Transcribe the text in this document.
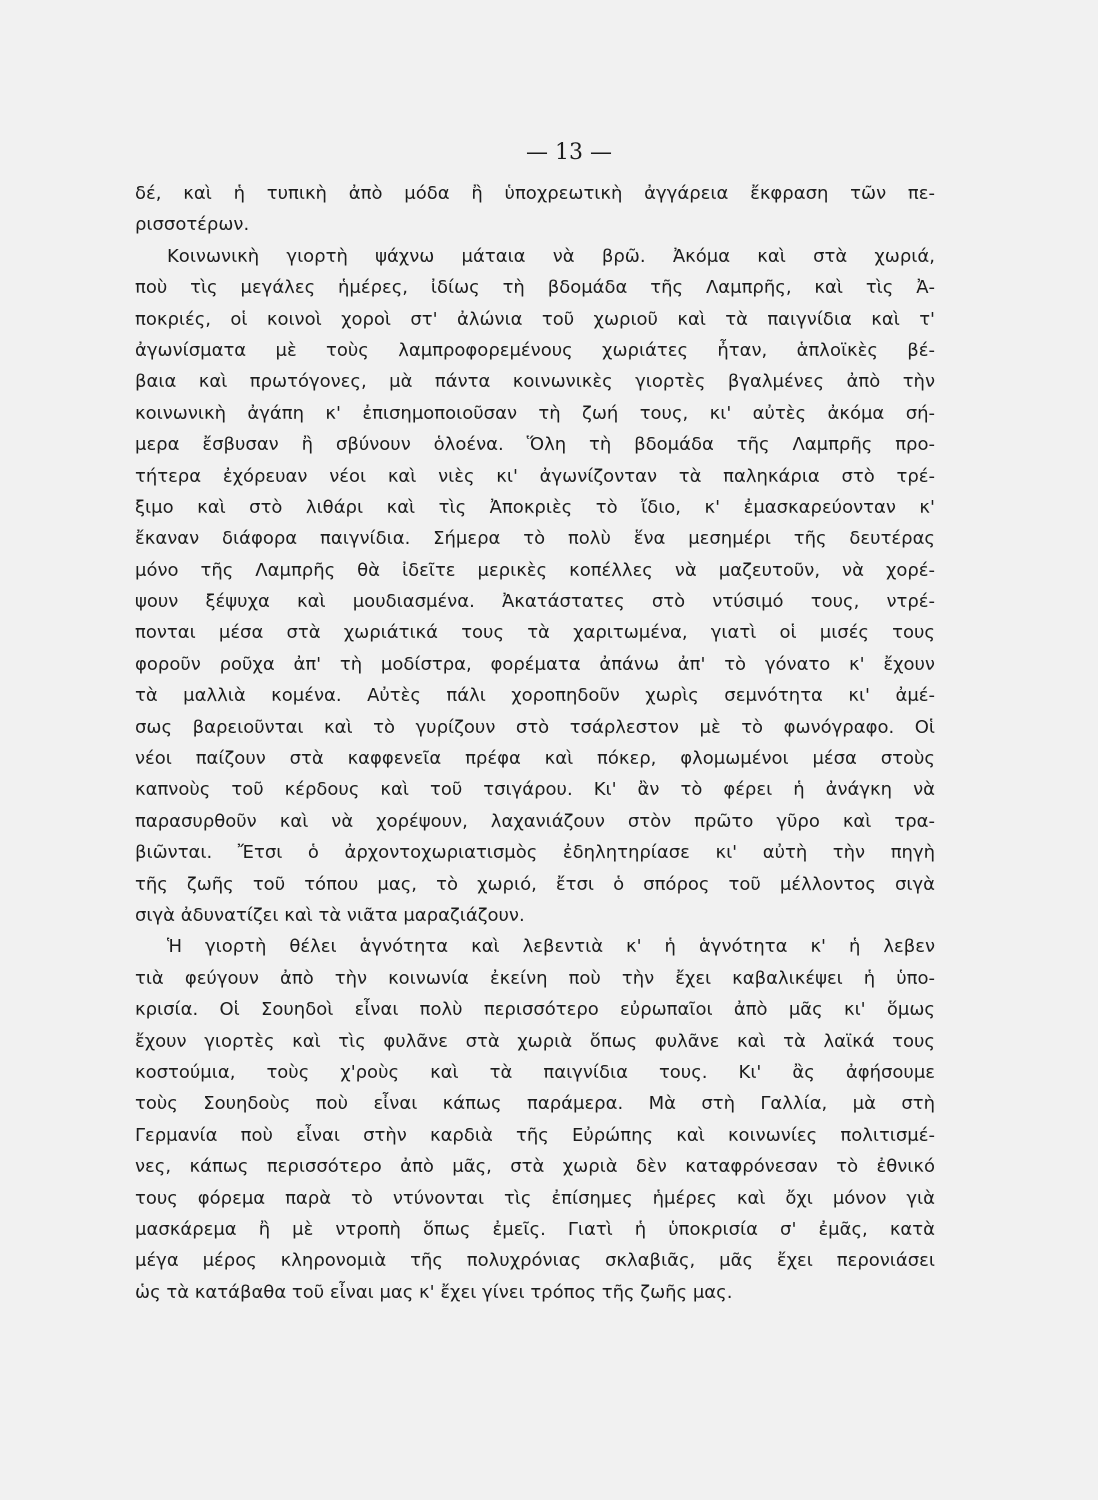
— 13 —
δέ, καὶ ἡ τυπικὴ ἀπὸ μόδα ἢ ὑποχρεωτικὴ ἀγγάρεια ἔκφραση τῶν πε-
ρισσοτέρων.
Κοινωνικὴ γιορτὴ ψάχνω μάταια νὰ βρῶ. Ἀκόμα καὶ στὰ χωριά,
ποὺ τὶς μεγάλες ἡμέρες, ἰδίως τὴ βδομάδα τῆς Λαμπρῆς, καὶ τὶς Ἀ-
ποκριές, οἱ κοινοὶ χοροὶ στ' ἀλώνια τοῦ χωριοῦ καὶ τὰ παιγνίδια καὶ τ'
ἀγωνίσματα μὲ τοὺς λαμπροφορεμένους χωριάτες ἦταν, ἁπλοϊκὲς βέ-
βαια καὶ πρωτόγονες, μὰ πάντα κοινωνικὲς γιορτὲς βγαλμένες ἀπὸ τὴν
κοινωνικὴ ἀγάπη κ' ἐπισημοποιοῦσαν τὴ ζωή τους, κι' αὐτὲς ἀκόμα σή-
μερα ἔσβυσαν ἢ σβύνουν ὁλοένα. Ὅλη τὴ βδομάδα τῆς Λαμπρῆς προ-
τήτερα ἐχόρευαν νέοι καὶ νιὲς κι' ἀγωνίζονταν τὰ παληκάρια στὸ τρέ-
ξιμο καὶ στὸ λιθάρι καὶ τὶς Ἀποκριὲς τὸ ἴδιο, κ' ἐμασκαρεύονταν κ'
ἔκαναν διάφορα παιγνίδια. Σήμερα τὸ πολὺ ἕνα μεσημέρι τῆς δευτέρας
μόνο τῆς Λαμπρῆς θὰ ἰδεῖτε μερικὲς κοπέλλες νὰ μαζευτοῦν, νὰ χορέ-
ψουν ξέψυχα καὶ μουδιασμένα. Ἀκατάστατες στὸ ντύσιμό τους, ντρέ-
πονται μέσα στὰ χωριάτικά τους τὰ χαριτωμένα, γιατὶ οἱ μισές τους
φοροῦν ροῦχα ἀπ' τὴ μοδίστρα, φορέματα ἀπάνω ἀπ' τὸ γόνατο κ' ἔχουν
τὰ μαλλιὰ κομένα. Αὐτὲς πάλι χοροπηδοῦν χωρὶς σεμνότητα κι' ἀμέ-
σως βαρειοῦνται καὶ τὸ γυρίζουν στὸ τσάρλεστον μὲ τὸ φωνόγραφο. Οἱ
νέοι παίζουν στὰ καφφενεῖα πρέφα καὶ πόκερ, φλομωμένοι μέσα στοὺς
καπνοὺς τοῦ κέρδους καὶ τοῦ τσιγάρου. Κι' ἂν τὸ φέρει ἡ ἀνάγκη νὰ
παρασυρθοῦν καὶ νὰ χορέψουν, λαχανιάζουν στὸν πρῶτο γῦρο καὶ τρα-
βιῶνται. Ἔτσι ὁ ἀρχοντοχωριατισμὸς ἐδηλητηρίασε κι' αὐτὴ τὴν πηγὴ
τῆς ζωῆς τοῦ τόπου μας, τὸ χωριό, ἔτσι ὁ σπόρος τοῦ μέλλοντος σιγὰ
σιγὰ ἀδυνατίζει καὶ τὰ νιᾶτα μαραζιάζουν.
Ἡ γιορτὴ θέλει ἁγνότητα καὶ λεβεντιὰ κ' ἡ ἁγνότητα κ' ἡ λεβεν
τιὰ φεύγουν ἀπὸ τὴν κοινωνία ἐκείνη ποὺ τὴν ἔχει καβαλικέψει ἡ ὑπο-
κρισία. Οἱ Σουηδοὶ εἶναι πολὺ περισσότερο εὐρωπαῖοι ἀπὸ μᾶς κι' ὅμως
ἔχουν γιορτὲς καὶ τὶς φυλᾶνε στὰ χωριὰ ὅπως φυλᾶνε καὶ τὰ λαϊκά τους
κοστούμια, τοὺς χ'ροὺς καὶ τὰ παιγνίδια τους. Κι' ἂς ἀφήσουμε
τοὺς Σουηδοὺς ποὺ εἶναι κάπως παράμερα. Μὰ στὴ Γαλλία, μὰ στὴ
Γερμανία ποὺ εἶναι στὴν καρδιὰ τῆς Εὐρώπης καὶ κοινωνίες πολιτισμέ-
νες, κάπως περισσότερο ἀπὸ μᾶς, στὰ χωριὰ δὲν καταφρόνεσαν τὸ ἐθνικό
τους φόρεμα παρὰ τὸ ντύνονται τὶς ἐπίσημες ἡμέρες καὶ ὄχι μόνον γιὰ
μασκάρεμα ἢ μὲ ντροπὴ ὅπως ἐμεῖς. Γιατὶ ἡ ὑποκρισία σ' ἐμᾶς, κατὰ
μέγα μέρος κληρονομιὰ τῆς πολυχρόνιας σκλαβιᾶς, μᾶς ἔχει περονιάσει
ὡς τὰ κατάβαθα τοῦ εἶναι μας κ' ἔχει γίνει τρόπος τῆς ζωῆς μας.
